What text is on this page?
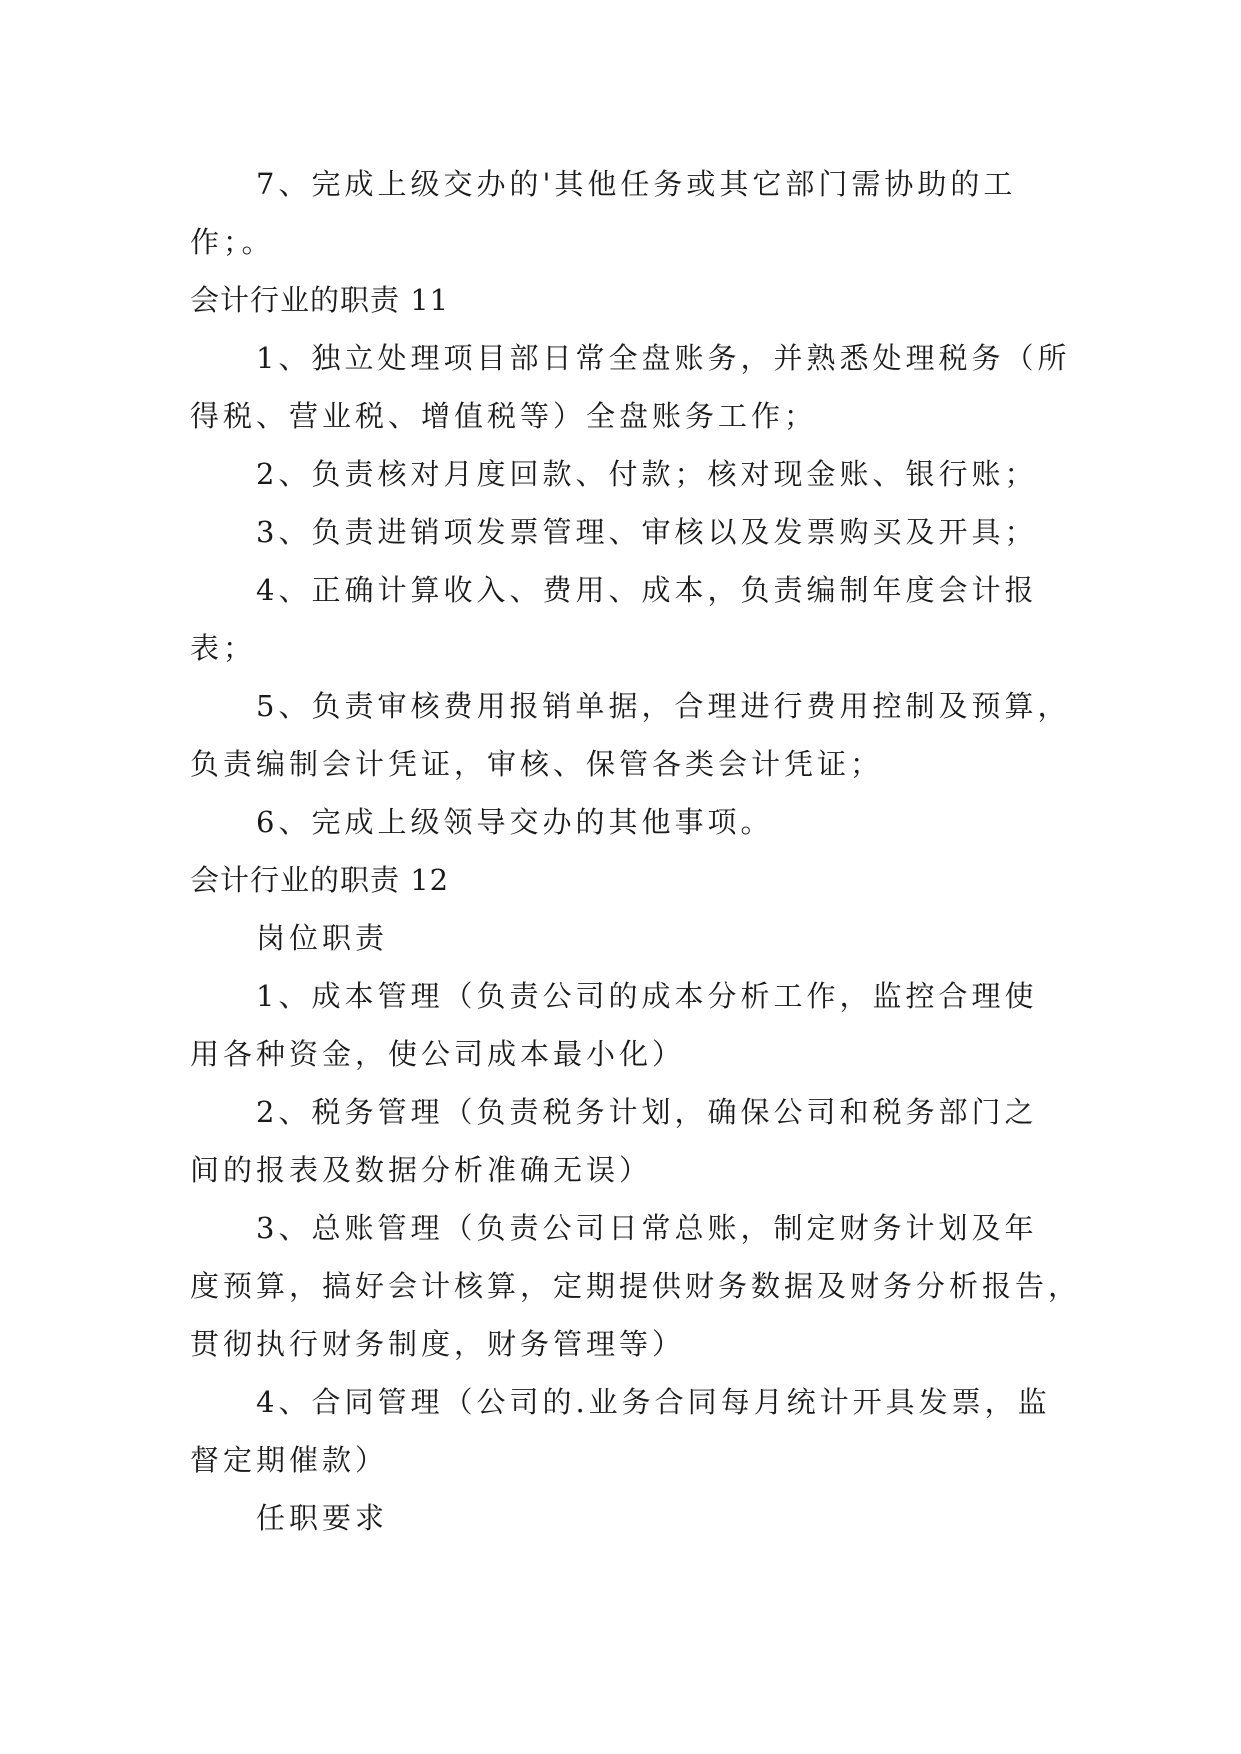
7、完成上级交办的'其他任务或其它部门需协助的工
作；。
会计行业的职责 11
1、独立处理项目部日常全盘账务，并熟悉处理税务（所
得税、营业税、增值税等）全盘账务工作；
2、负责核对月度回款、付款；核对现金账、银行账；
3、负责进销项发票管理、审核以及发票购买及开具；
4、正确计算收入、费用、成本，负责编制年度会计报
表；
5、负责审核费用报销单据，合理进行费用控制及预算，
负责编制会计凭证，审核、保管各类会计凭证；
6、完成上级领导交办的其他事项。
会计行业的职责 12
岗位职责
1、成本管理（负责公司的成本分析工作，监控合理使
用各种资金，使公司成本最小化）
2、税务管理（负责税务计划，确保公司和税务部门之
间的报表及数据分析准确无误）
3、总账管理（负责公司日常总账，制定财务计划及年
度预算，搞好会计核算，定期提供财务数据及财务分析报告，
贯彻执行财务制度，财务管理等）
4、合同管理（公司的.业务合同每月统计开具发票，监
督定期催款）
任职要求
